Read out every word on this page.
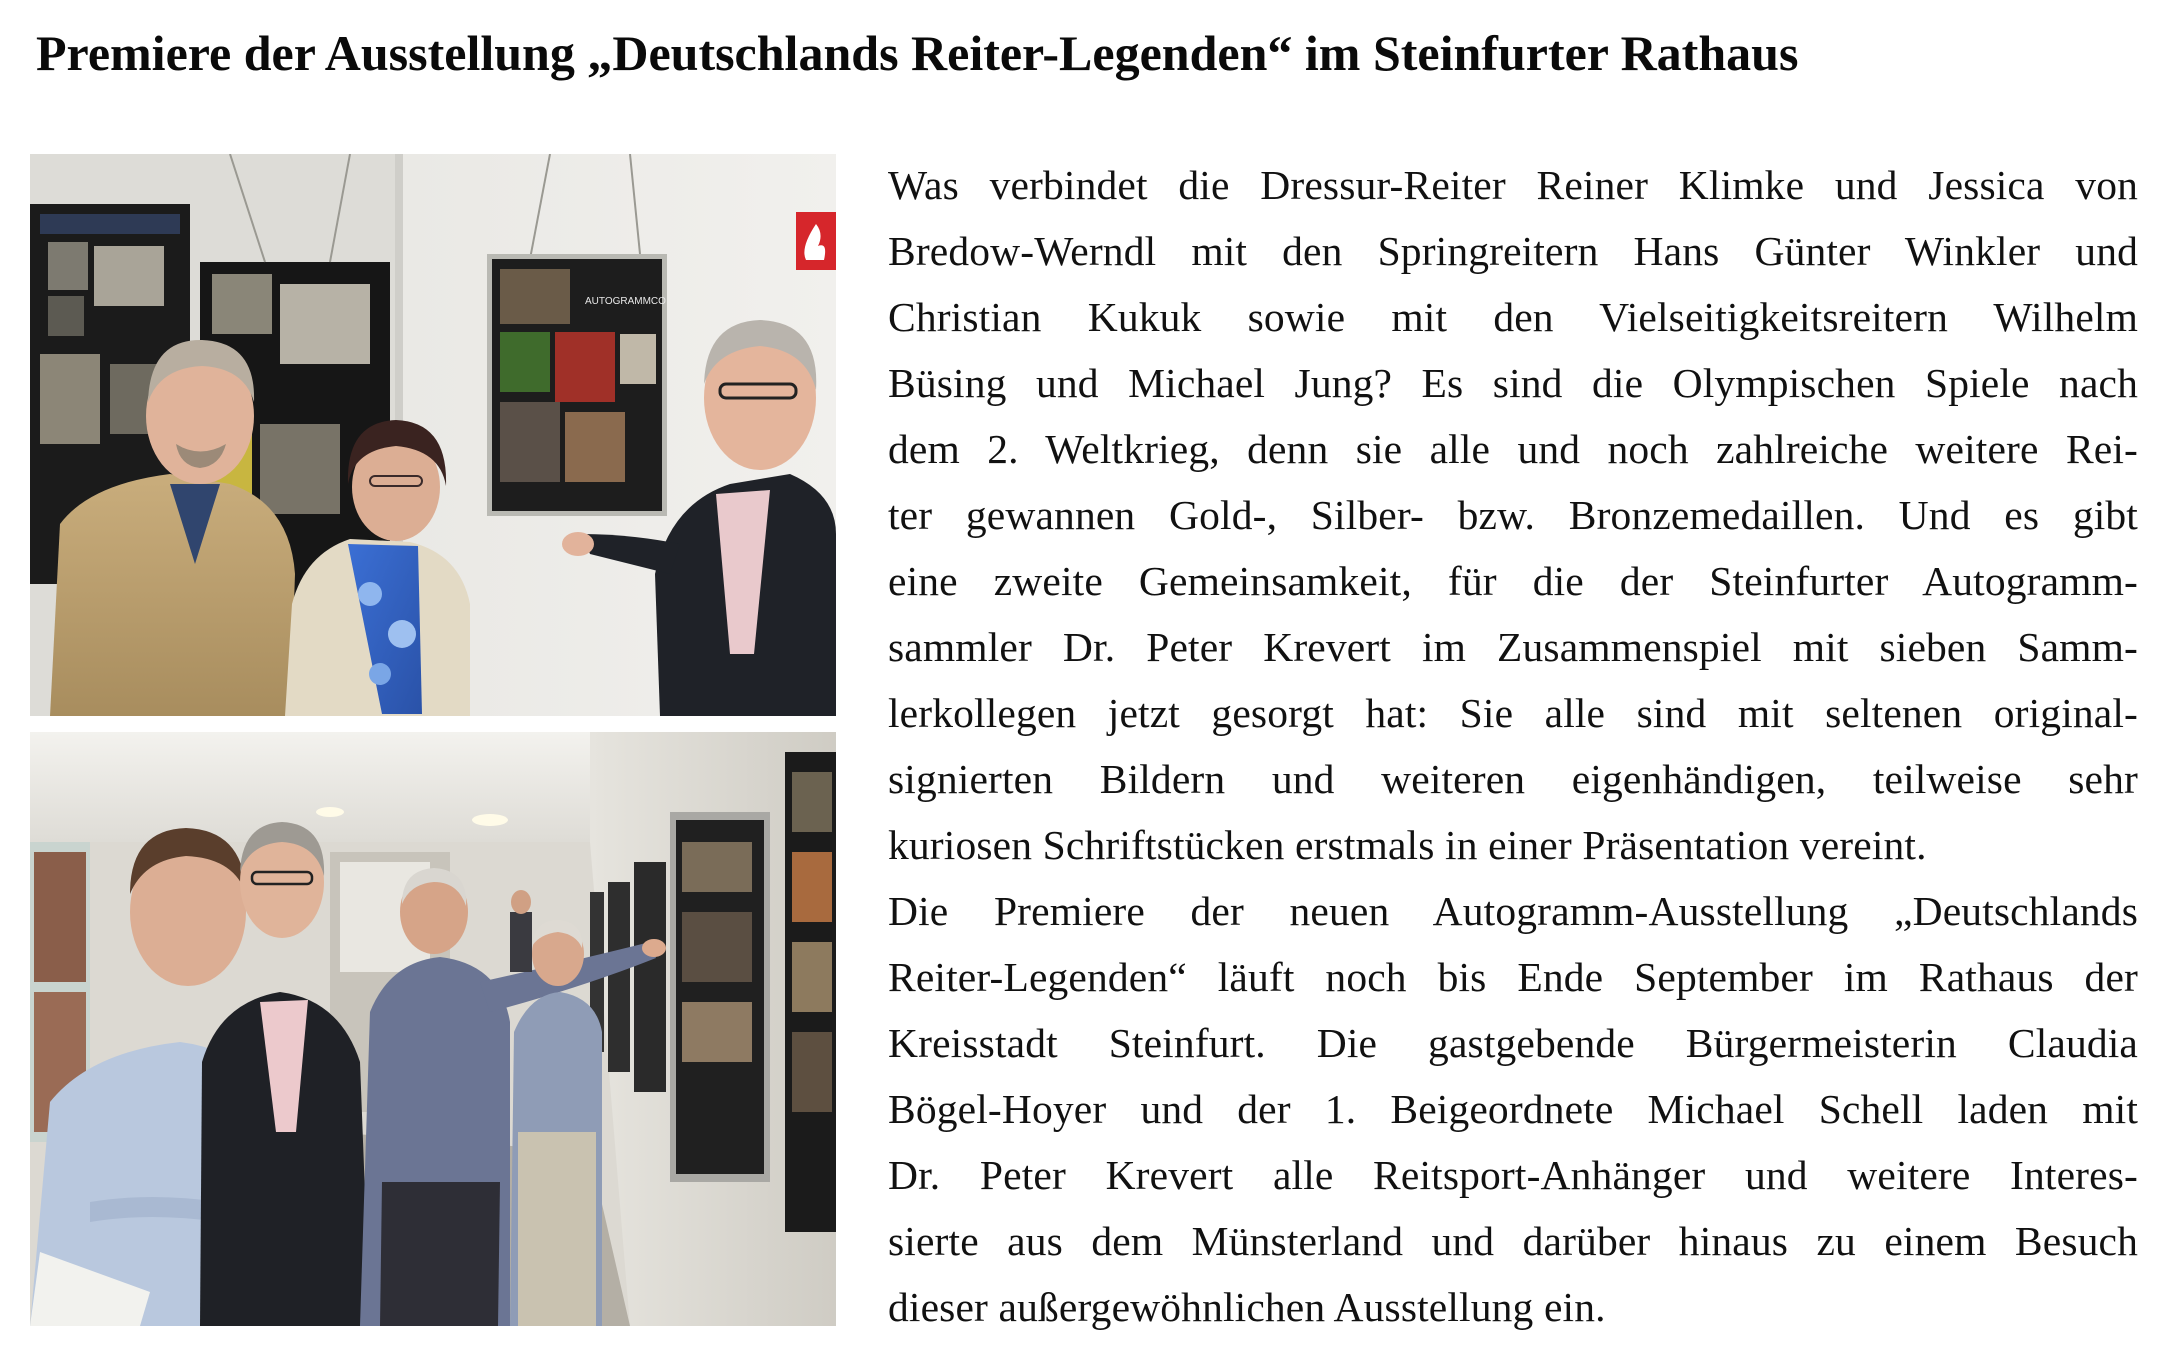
Premiere der Ausstellung „Deutschlands Reiter-Legenden“ im Steinfurter Rathaus
AUTOGRAMMCO
Was verbindet die Dressur-Reiter Reiner Klimke und Jessica von
Bredow-Werndl mit den Springreitern Hans Günter Winkler und
Christian Kukuk sowie mit den Vielseitigkeitsreitern Wilhelm
Büsing und Michael Jung? Es sind die Olympischen Spiele nach
dem 2. Weltkrieg, denn sie alle und noch zahlreiche weitere Rei-
ter gewannen Gold-, Silber- bzw. Bronzemedaillen. Und es gibt
eine zweite Gemeinsamkeit, für die der Steinfurter Autogramm-
sammler Dr. Peter Krevert im Zusammenspiel mit sieben Samm-
lerkollegen jetzt gesorgt hat: Sie alle sind mit seltenen original-
signierten Bildern und weiteren eigenhändigen, teilweise sehr
kuriosen Schriftstücken erstmals in einer Präsentation vereint.
Die Premiere der neuen Autogramm-Ausstellung „Deutschlands
Reiter-Legenden“ läuft noch bis Ende September im Rathaus der
Kreisstadt Steinfurt. Die gastgebende Bürgermeisterin Claudia
Bögel-Hoyer und der 1. Beigeordnete Michael Schell laden mit
Dr. Peter Krevert alle Reitsport-Anhänger und weitere Interes-
sierte aus dem Münsterland und darüber hinaus zu einem Besuch
dieser außergewöhnlichen Ausstellung ein.
